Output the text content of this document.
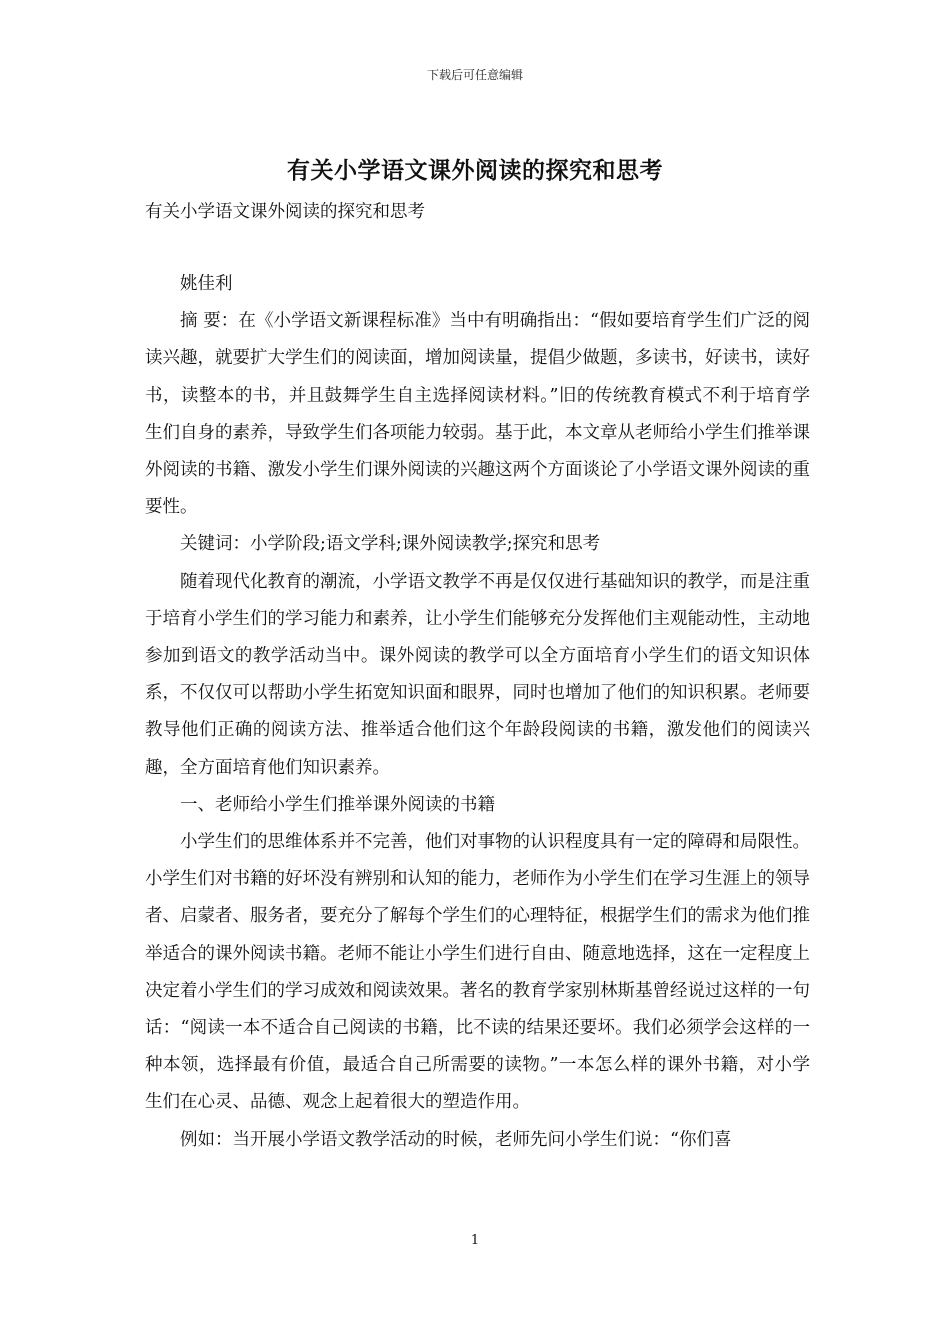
下载后可任意编辑
有关小学语文课外阅读的探究和思考

有关小学语文课外阅读的探究和思考

姚佳利

摘 要：在《小学语文新课程标准》当中有明确指出：“假如要培育学生们广泛的阅读兴趣，就要扩大学生们的阅读面，增加阅读量，提倡少做题，多读书，好读书，读好书，读整本的书，并且鼓舞学生自主选择阅读材料。”旧的传统教育模式不利于培育学生们自身的素养，导致学生们各项能力较弱。基于此，本文章从老师给小学生们推举课外阅读的书籍、激发小学生们课外阅读的兴趣这两个方面谈论了小学语文课外阅读的重要性。

关键词：小学阶段;语文学科;课外阅读教学;探究和思考

随着现代化教育的潮流，小学语文教学不再是仅仅进行基础知识的教学，而是注重于培育小学生们的学习能力和素养，让小学生们能够充分发挥他们主观能动性，主动地参加到语文的教学活动当中。课外阅读的教学可以全方面培育小学生们的语文知识体系，不仅仅可以帮助小学生拓宽知识面和眼界，同时也增加了他们的知识积累。老师要教导他们正确的阅读方法、推举适合他们这个年龄段阅读的书籍，激发他们的阅读兴趣，全方面培育他们知识素养。

一、老师给小学生们推举课外阅读的书籍

小学生们的思维体系并不完善，他们对事物的认识程度具有一定的障碍和局限性。小学生们对书籍的好坏没有辨别和认知的能力，老师作为小学生们在学习生涯上的领导者、启蒙者、服务者，要充分了解每个学生们的心理特征，根据学生们的需求为他们推举适合的课外阅读书籍。老师不能让小学生们进行自由、随意地选择，这在一定程度上决定着小学生们的学习成效和阅读效果。著名的教育学家别林斯基曾经说过这样的一句话：“阅读一本不适合自己阅读的书籍，比不读的结果还要坏。我们必须学会这样的一种本领，选择最有价值，最适合自己所需要的读物。”一本怎么样的课外书籍，对小学生们在心灵、品德、观念上起着很大的塑造作用。

例如：当开展小学语文教学活动的时候，老师先问小学生们说：“你们喜

1
